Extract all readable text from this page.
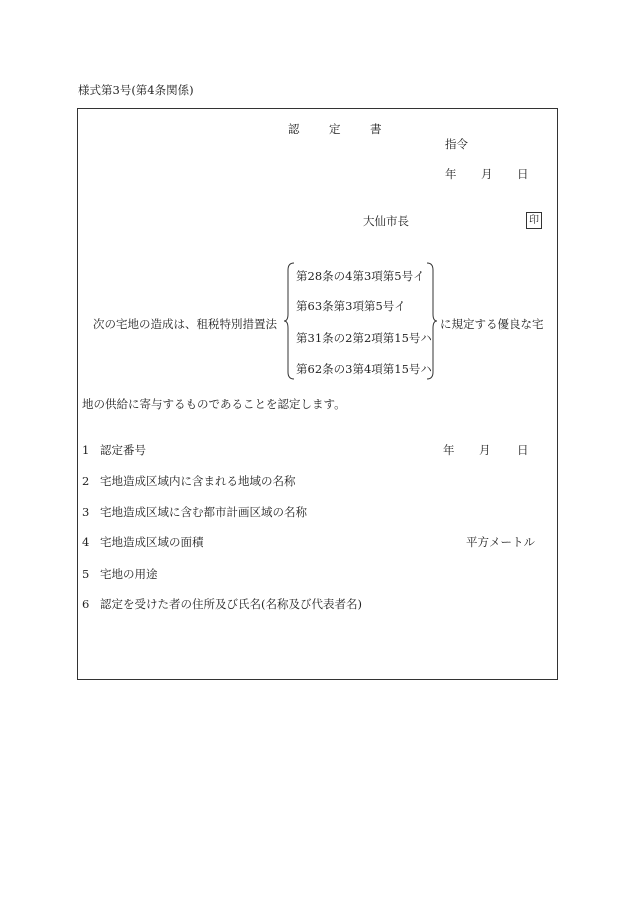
様式第3号(第4条関係)
認　定　書
指令
年 月 日
大仙市長	印
次の宅地の造成は、租税特別措置法
第28条の4第3項第5号イ
第63条第3項第5号イ
第31条の2第2項第15号ハ
第62条の3第4項第15号ハ
に規定する優良な宅
地の供給に寄与するものであることを認定します。
1 認定番号	年 月 日
2 宅地造成区域内に含まれる地域の名称
3 宅地造成区域に含む都市計画区域の名称
4 宅地造成区域の面積	平方メートル
5 宅地の用途
6 認定を受けた者の住所及び氏名(名称及び代表者名)
